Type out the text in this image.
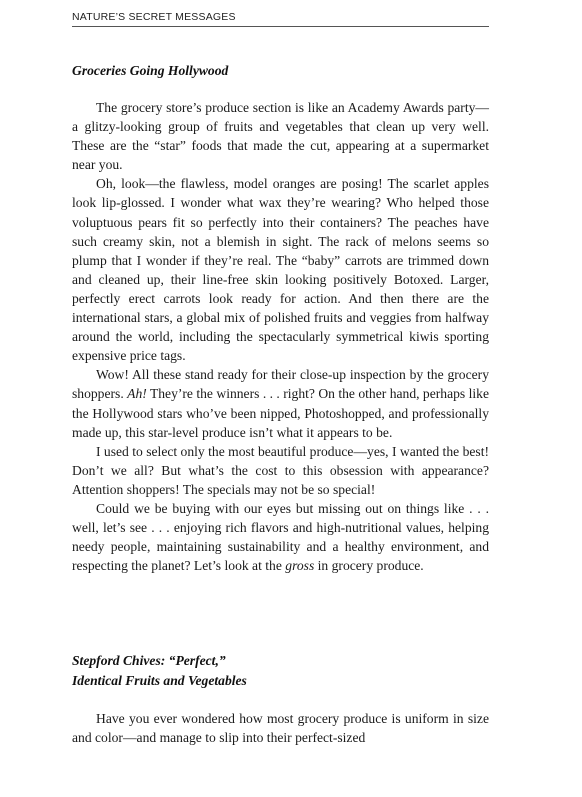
NATURE’S SECRET MESSAGES
Groceries Going Hollywood

The grocery store’s produce section is like an Academy Awards party—a glitzy-looking group of fruits and vegetables that clean up very well. These are the “star” foods that made the cut, appearing at a supermarket near you.

Oh, look—the flawless, model oranges are posing! The scarlet apples look lip-glossed. I wonder what wax they’re wearing? Who helped those voluptuous pears fit so perfectly into their containers? The peaches have such creamy skin, not a blemish in sight. The rack of melons seems so plump that I wonder if they’re real. The “baby” carrots are trimmed down and cleaned up, their line-free skin looking positively Botoxed. Larger, perfectly erect carrots look ready for action. And then there are the international stars, a global mix of polished fruits and veggies from halfway around the world, including the spectacularly symmetrical kiwis sporting expensive price tags.

Wow! All these stand ready for their close-up inspection by the grocery shoppers. Ah! They’re the winners . . . right? On the other hand, perhaps like the Hollywood stars who’ve been nipped, Photoshopped, and professionally made up, this star-level produce isn’t what it appears to be.

I used to select only the most beautiful produce—yes, I wanted the best! Don’t we all? But what’s the cost to this obsession with appearance? Attention shoppers! The specials may not be so special!

Could we be buying with our eyes but missing out on things like . . . well, let’s see . . . enjoying rich flavors and high-nutritional values, helping needy people, maintaining sustainability and a healthy environment, and respecting the planet? Let’s look at the gross in grocery produce.

Stepford Chives: “Perfect,”
Identical Fruits and Vegetables

Have you ever wondered how most grocery produce is uniform in size and color—and manage to slip into their perfect-sized
